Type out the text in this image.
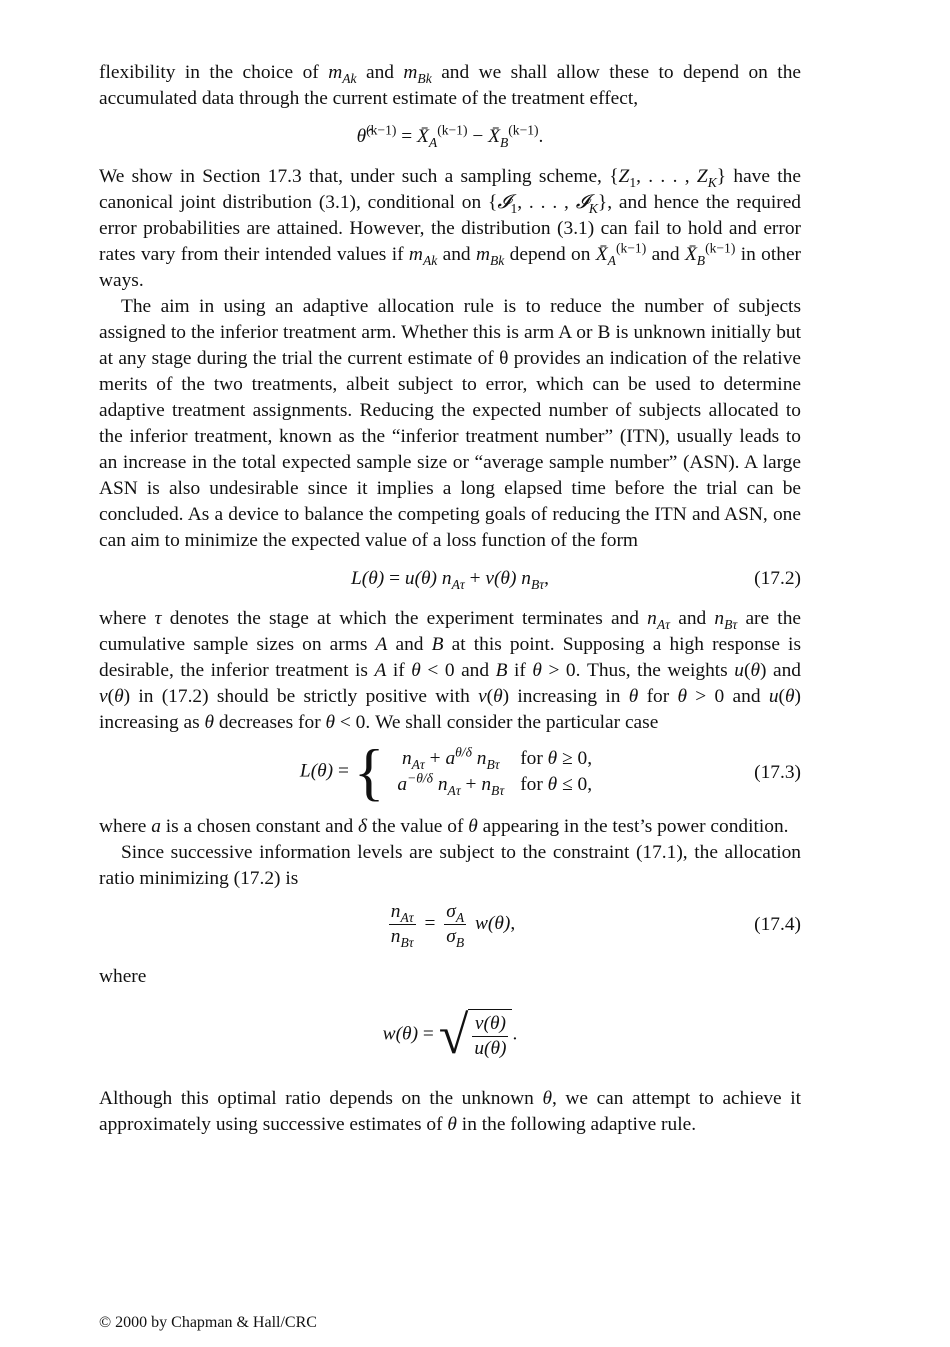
flexibility in the choice of $m_{Ak}$ and $m_{Bk}$ and we shall allow these to depend on the accumulated data through the current estimate of the treatment effect,

θ̂$^{(k-1)}$ = $X̄_A^{(k-1)}$ − $X̄_B^{(k-1)}$.

We show in Section 17.3 that, under such a sampling scheme, {$Z_1$, . . . , $Z_K$} have the canonical joint distribution (3.1), conditional on {𝓘$_1$, . . . , 𝓘$_K$}, and hence the required error probabilities are attained. However, the distribution (3.1) can fail to hold and error rates vary from their intended values if $m_{Ak}$ and $m_{Bk}$ depend on $X̄_A^{(k-1)}$ and $X̄_B^{(k-1)}$ in other ways.

The aim in using an adaptive allocation rule is to reduce the number of subjects assigned to the inferior treatment arm. Whether this is arm A or B is unknown initially but at any stage during the trial the current estimate of θ provides an indication of the relative merits of the two treatments, albeit subject to error, which can be used to determine adaptive treatment assignments. Reducing the expected number of subjects allocated to the inferior treatment, known as the “inferior treatment number” (ITN), usually leads to an increase in the total expected sample size or “average sample number” (ASN). A large ASN is also undesirable since it implies a long elapsed time before the trial can be concluded. As a device to balance the competing goals of reducing the ITN and ASN, one can aim to minimize the expected value of a loss function of the form

L(θ) = u(θ) $n_{A\tau} + v(\theta)$ $n_{B\tau}$,	(17.2)

where τ denotes the stage at which the experiment terminates and $n_{A\tau}$ and $n_{B\tau}$ are the cumulative sample sizes on arms A and B at this point. Supposing a high response is desirable, the inferior treatment is A if θ < 0 and B if θ > 0. Thus, the weights u(θ) and v(θ) in (17.2) should be strictly positive with v(θ) increasing in θ for θ > 0 and u(θ) increasing as θ decreases for θ < 0. We shall consider the particular case

L(θ) = { $n_{A\tau} + a^{\theta/\delta}$ $n_{B\tau}$	for θ ≥ 0,
$a^{-\theta/\delta}$ $n_{A\tau} + n_{B\tau}$	for θ ≤ 0,
(17.3)

where a is a chosen constant and δ the value of θ appearing in the test’s power condition.

Since successive information levels are subject to the constraint (17.1), the allocation ratio minimizing (17.2) is

$\frac{n_{A\tau}}{n_{B\tau}} = \frac{\sigma_A}{\sigma_B} w(\theta)$,	(17.4)

where

w(θ) = √ $\frac{v(\theta)}{u(\theta)}$ .

Although this optimal ratio depends on the unknown θ, we can attempt to achieve it approximately using successive estimates of θ in the following adaptive rule.

© 2000 by Chapman & Hall/CRC
